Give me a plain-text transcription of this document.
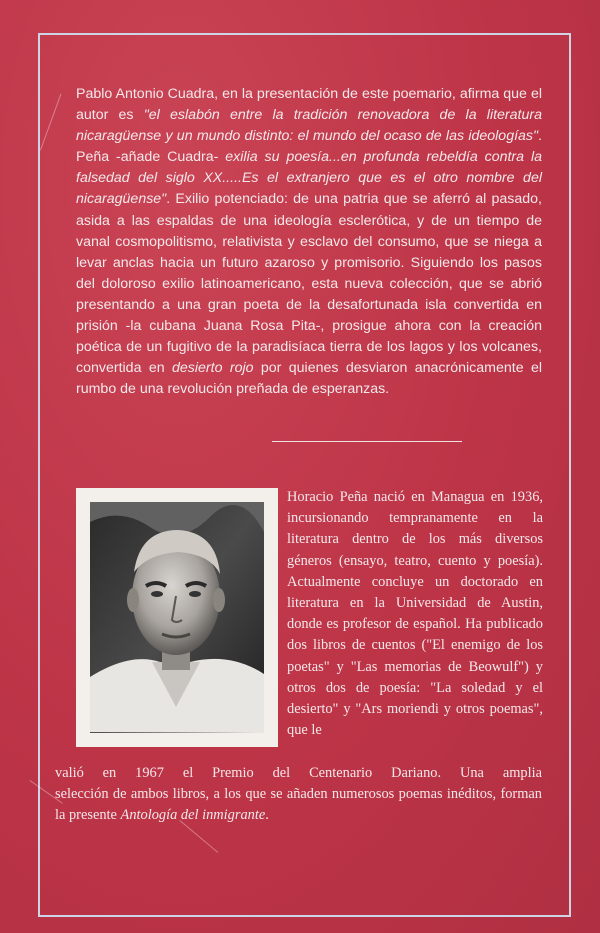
Pablo Antonio Cuadra, en la presentación de este poemario, afirma que el autor es "el eslabón entre la tradición renovadora de la literatura nicaragüense y un mundo distinto: el mundo del ocaso de las ideologías". Peña -añade Cuadra- exilia su poesía...en profunda rebeldía contra la falsedad del siglo XX.....Es el extranjero que es el otro nombre del nicaragüense". Exilio potenciado: de una patria que se aferró al pasado, asida a las espaldas de una ideología esclerótica, y de un tiempo de vanal cosmopolitismo, relativista y esclavo del consumo, que se niega a levar anclas hacia un futuro azaroso y promisorio. Siguiendo los pasos del doloroso exilio latinoamericano, esta nueva colección, que se abrió presentando a una gran poeta de la desafortunada isla convertida en prisión -la cubana Juana Rosa Pita-, prosigue ahora con la creación poética de un fugitivo de la paradisíaca tierra de los lagos y los volcanes, convertida en desierto rojo por quienes desviaron anacrónicamente el rumbo de una revolución preñada de esperanzas.
Horacio Peña nació en Managua en 1936, incursionando tempranamente en la literatura dentro de los más diversos géneros (ensayo, teatro, cuento y poesía). Actualmente concluye un doctorado en literatura en la Universidad de Austin, donde es profesor de español. Ha publicado dos libros de cuentos ("El enemigo de los poetas" y "Las memorias de Beowulf") y otros dos de poesía: "La soledad y el desierto" y "Ars moriendi y otros poemas", que le
valió en 1967 el Premio del Centenario Dariano. Una amplia
selección de ambos libros, a los que se añaden numerosos poemas inéditos, forman la presente Antología del inmigrante.
